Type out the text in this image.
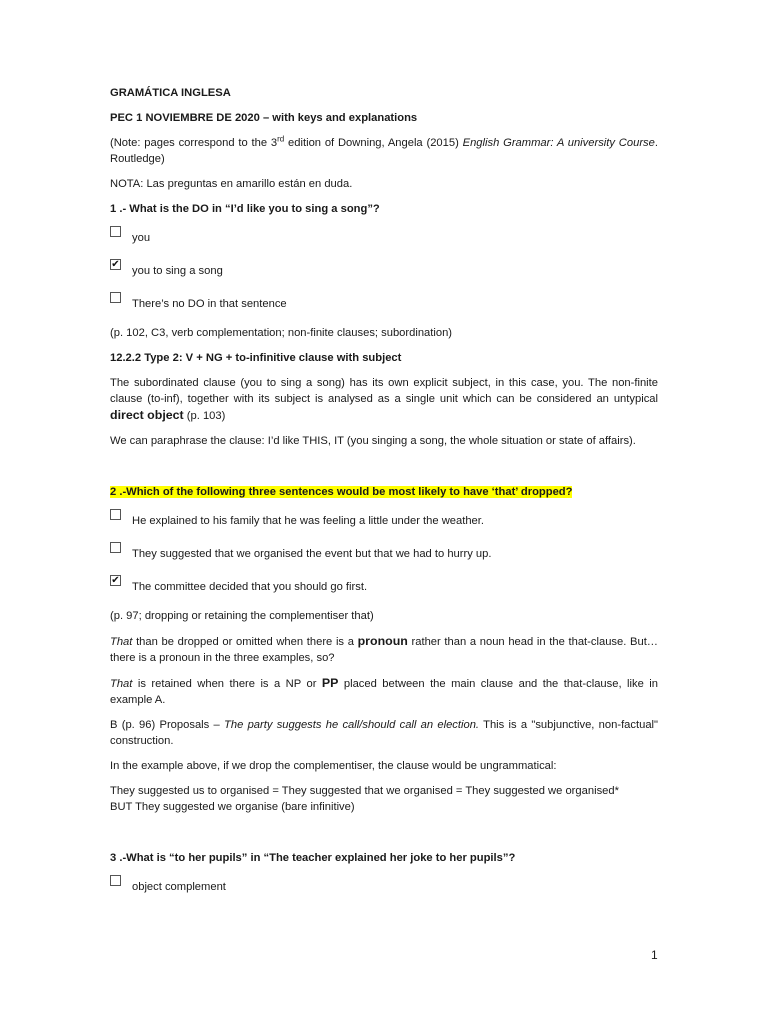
GRAMÁTICA INGLESA

PEC 1 NOVIEMBRE DE 2020 – with keys and explanations

(Note: pages correspond to the 3rd edition of Downing, Angela (2015) English Grammar: A university Course. Routledge)

NOTA: Las preguntas en amarillo están en duda.

1 .- What is the DO in “I’d like you to sing a song”?

you
✔
you to sing a song
There’s no DO in that sentence

(p. 102, C3, verb complementation; non-finite clauses; subordination)

12.2.2 Type 2: V + NG + to-infinitive clause with subject

The subordinated clause (you to sing a song) has its own explicit subject, in this case, you. The non-finite clause (to-inf), together with its subject is analysed as a single unit which can be considered an untypical direct object (p. 103)

We can paraphrase the clause: I’d like THIS, IT (you singing a song, the whole situation or state of affairs).

2 .-Which of the following three sentences would be most likely to have ‘that’ dropped?

He explained to his family that he was feeling a little under the weather.
They suggested that we organised the event but that we had to hurry up.
✔
The committee decided that you should go first.

(p. 97; dropping or retaining the complementiser that)

That than be dropped or omitted when there is a pronoun rather than a noun head in the that-clause. But… there is a pronoun in the three examples, so?

That is retained when there is a NP or PP placed between the main clause and the that-clause, like in example A.

B (p. 96) Proposals – The party suggests he call/should call an election. This is a "subjunctive, non-factual" construction.

In the example above, if we drop the complementiser, the clause would be ungrammatical:

They suggested us to organised = They suggested that we organised = They suggested we organised*
BUT They suggested we organise (bare infinitive)

3 .-What is “to her pupils” in “The teacher explained her joke to her pupils”?

object complement
1
